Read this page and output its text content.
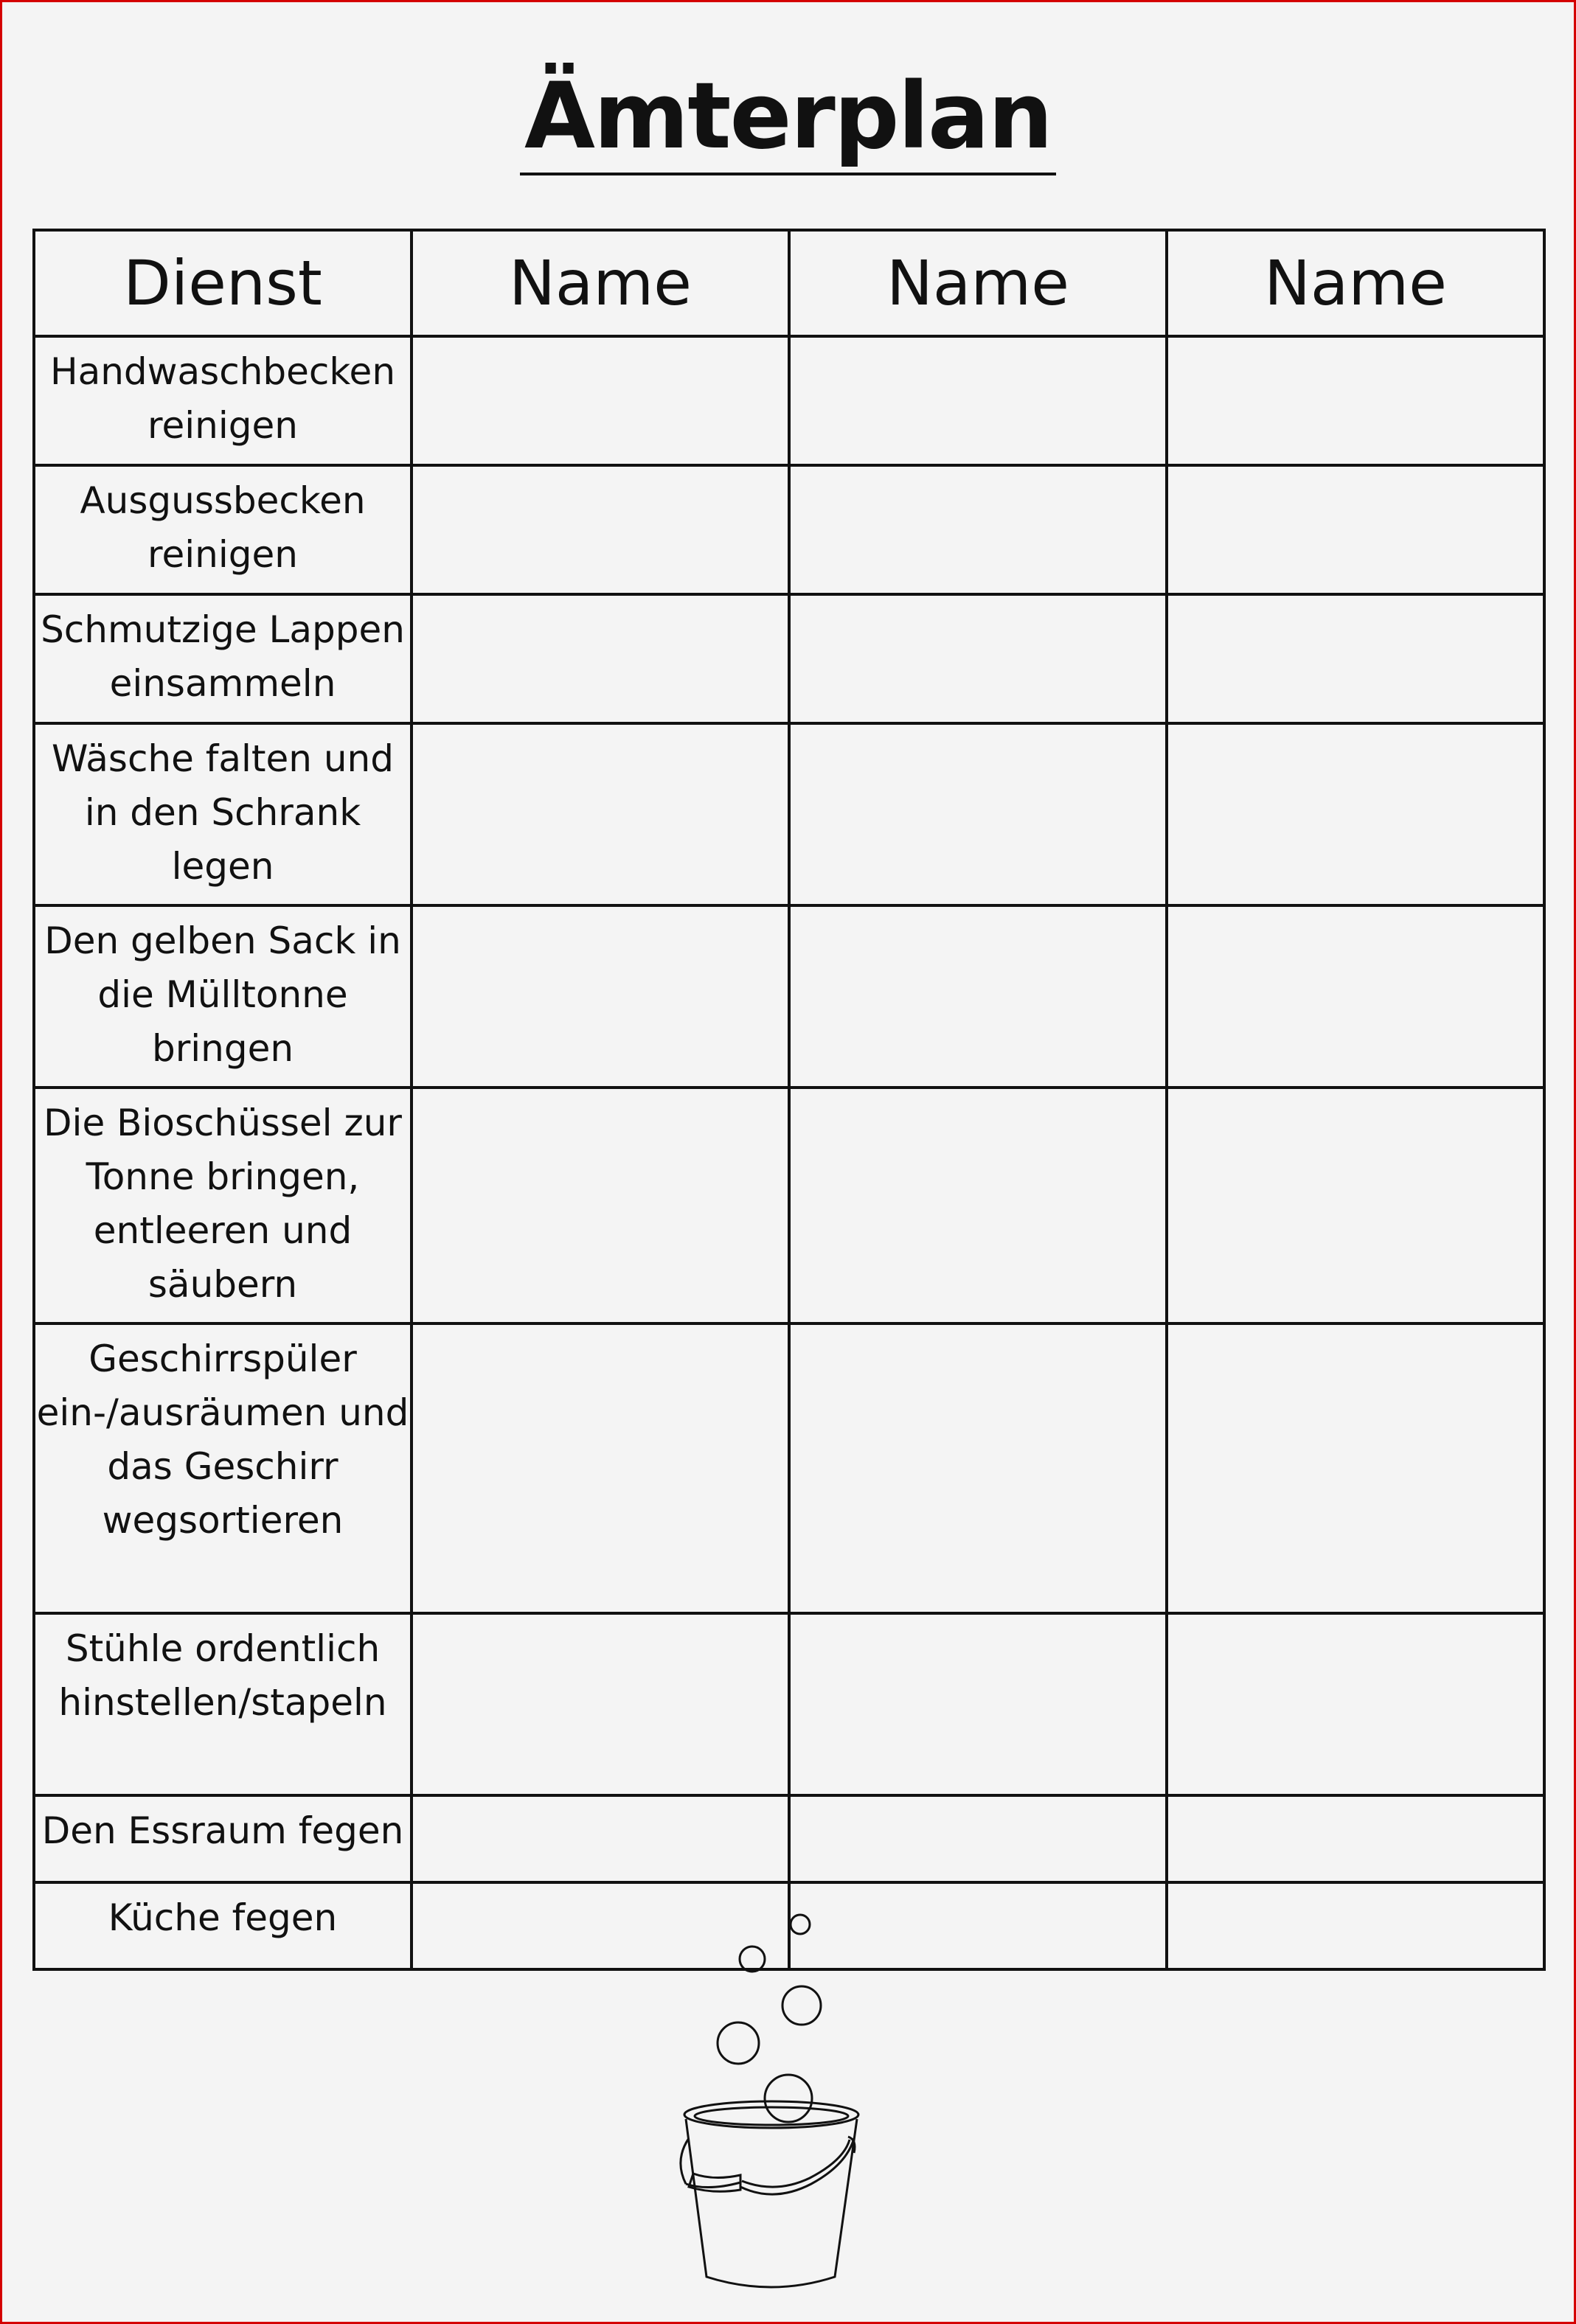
Ämterplan
Dienst	Name	Name	Name
Handwaschbecken reinigen			
Ausgussbecken reinigen			
Schmutzige Lappen einsammeln			
Wäsche falten und in den Schrank legen			
Den gelben Sack in die Mülltonne bringen			
Die Bioschüssel zur Tonne bringen, entleeren und säubern			
Geschirrspüler ein-/ausräumen und das Geschirr wegsortieren			
Stühle ordentlich hinstellen/stapeln			
Den Essraum fegen			
Küche fegen			
